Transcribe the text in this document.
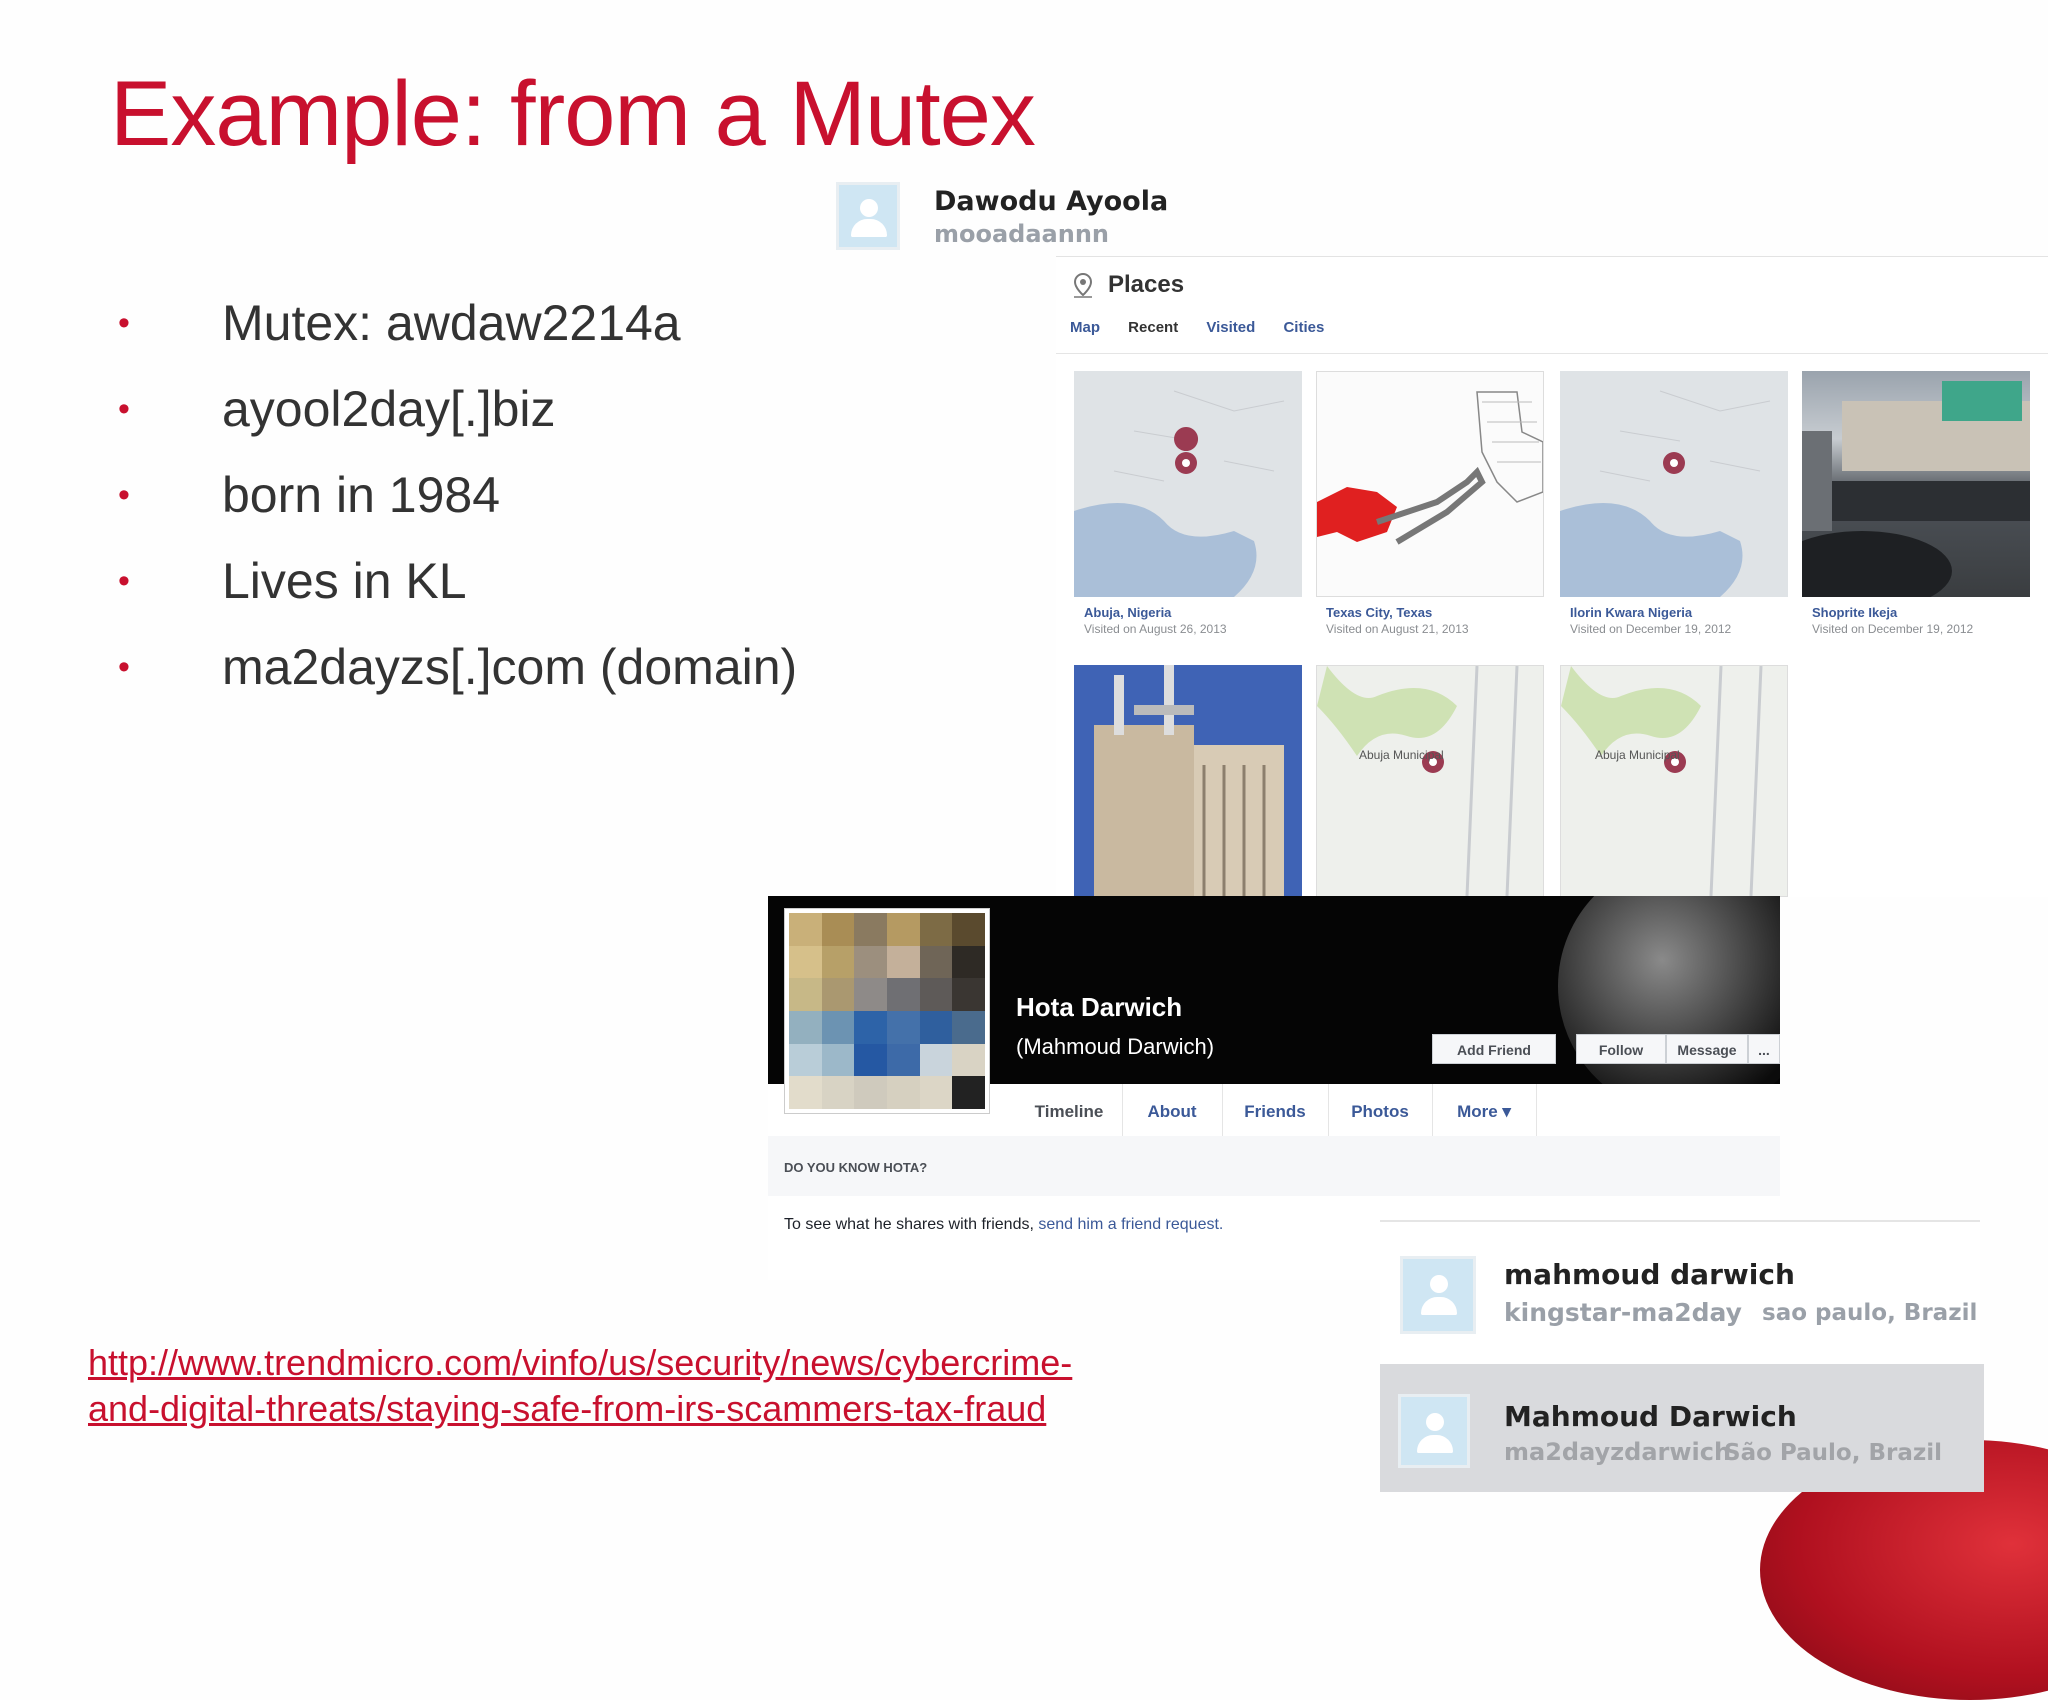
Example: from a Mutex
• Mutex: awdaw2214a
• ayool2day[.]biz
• born in 1984
• Lives in KL
• ma2dayzs[.]com (domain)
http://www.trendmicro.com/vinfo/us/security/news/cybercrime-
and-digital-threats/staying-safe-from-irs-scammers-tax-fraud
Dawodu Ayoola
mooadaannn
Places
Map Recent Visited Cities
Abuja, Nigeria
Visited on August 26, 2013
Texas City, Texas
Visited on August 21, 2013
Ilorin Kwara Nigeria
Visited on December 19, 2012
Shoprite Ikeja
Visited on December 19, 2012
Abuja Municipal	Abuja Municipal
Hota Darwich
(Mahmoud Darwich)	Add Friend	Follow	Message	...
Timeline	About	Friends	Photos	More ▾
DO YOU KNOW HOTA?
To see what he shares with friends, send him a friend request.
mahmoud darwich
kingstar-ma2day sao paulo, Brazil
Mahmoud Darwich
ma2dayzdarwich
São Paulo, Brazil
